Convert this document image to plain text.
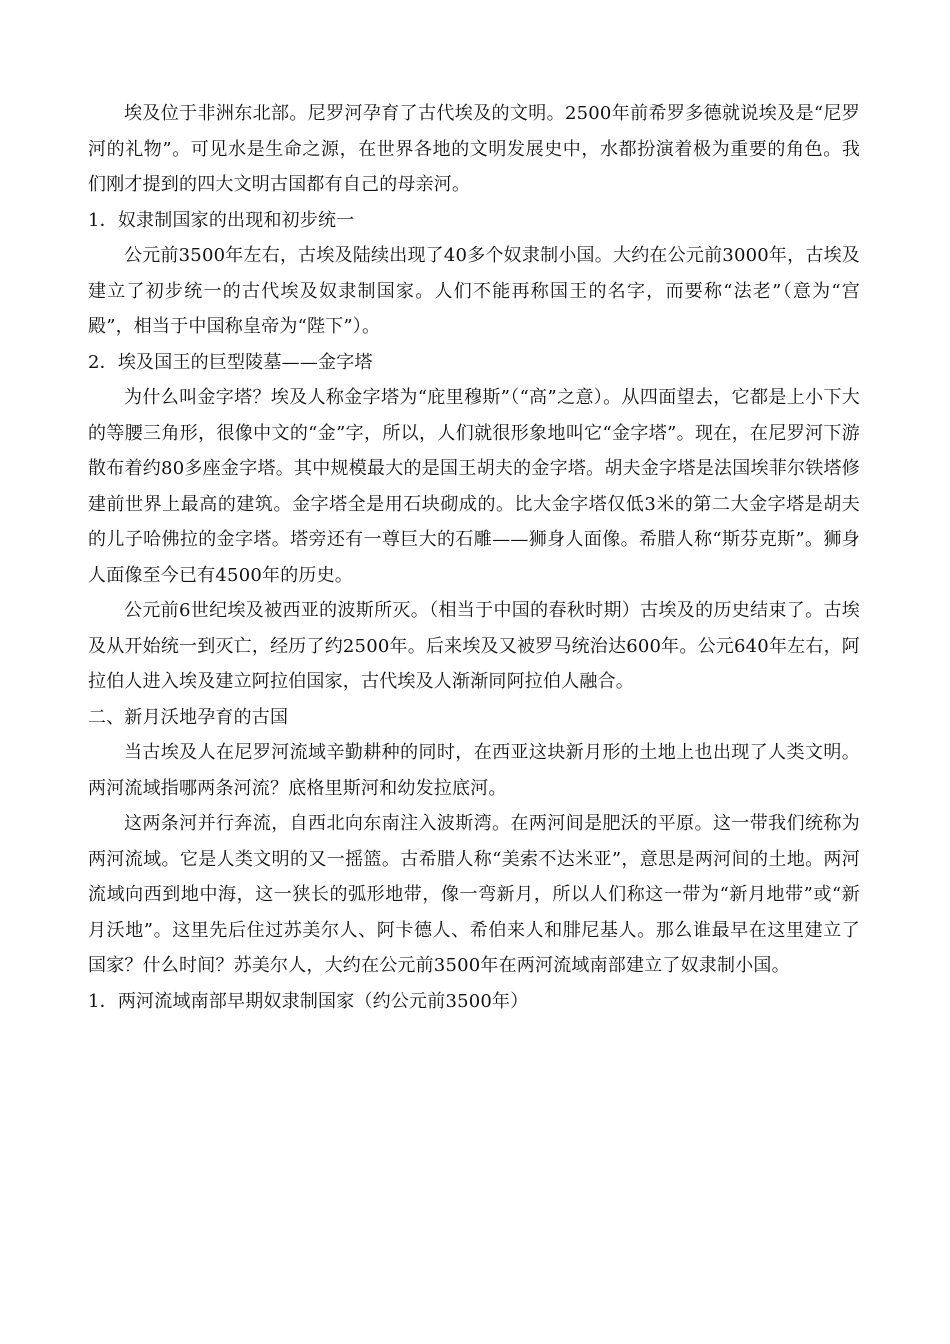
埃及位于非洲东北部。尼罗河孕育了古代埃及的文明。2500年前希罗多德就说埃及是“尼罗河的礼物”。可见水是生命之源，在世界各地的文明发展史中，水都扮演着极为重要的角色。我们刚才提到的四大文明古国都有自己的母亲河。

1．奴隶制国家的出现和初步统一

公元前3500年左右，古埃及陆续出现了40多个奴隶制小国。大约在公元前3000年，古埃及建立了初步统一的古代埃及奴隶制国家。人们不能再称国王的名字，而要称“法老”（意为“宫殿”，相当于中国称皇帝为“陛下”）。

2．埃及国王的巨型陵墓——金字塔

为什么叫金字塔？埃及人称金字塔为“庇里穆斯”（“高”之意）。从四面望去，它都是上小下大的等腰三角形，很像中文的“金”字，所以，人们就很形象地叫它“金字塔”。现在，在尼罗河下游散布着约80多座金字塔。其中规模最大的是国王胡夫的金字塔。胡夫金字塔是法国埃菲尔铁塔修建前世界上最高的建筑。金字塔全是用石块砌成的。比大金字塔仅低3米的第二大金字塔是胡夫的儿子哈佛拉的金字塔。塔旁还有一尊巨大的石雕——狮身人面像。希腊人称“斯芬克斯”。狮身人面像至今已有4500年的历史。

公元前6世纪埃及被西亚的波斯所灭。（相当于中国的春秋时期）古埃及的历史结束了。古埃及从开始统一到灭亡，经历了约2500年。后来埃及又被罗马统治达600年。公元640年左右，阿拉伯人进入埃及建立阿拉伯国家，古代埃及人渐渐同阿拉伯人融合。

二、新月沃地孕育的古国

当古埃及人在尼罗河流域辛勤耕种的同时，在西亚这块新月形的土地上也出现了人类文明。两河流域指哪两条河流？底格里斯河和幼发拉底河。

这两条河并行奔流，自西北向东南注入波斯湾。在两河间是肥沃的平原。这一带我们统称为两河流域。它是人类文明的又一摇篮。古希腊人称“美索不达米亚”，意思是两河间的土地。两河流域向西到地中海，这一狭长的弧形地带，像一弯新月，所以人们称这一带为“新月地带”或“新月沃地”。这里先后住过苏美尔人、阿卡德人、希伯来人和腓尼基人。那么谁最早在这里建立了国家？什么时间？苏美尔人，大约在公元前3500年在两河流域南部建立了奴隶制小国。

1．两河流域南部早期奴隶制国家（约公元前3500年）
